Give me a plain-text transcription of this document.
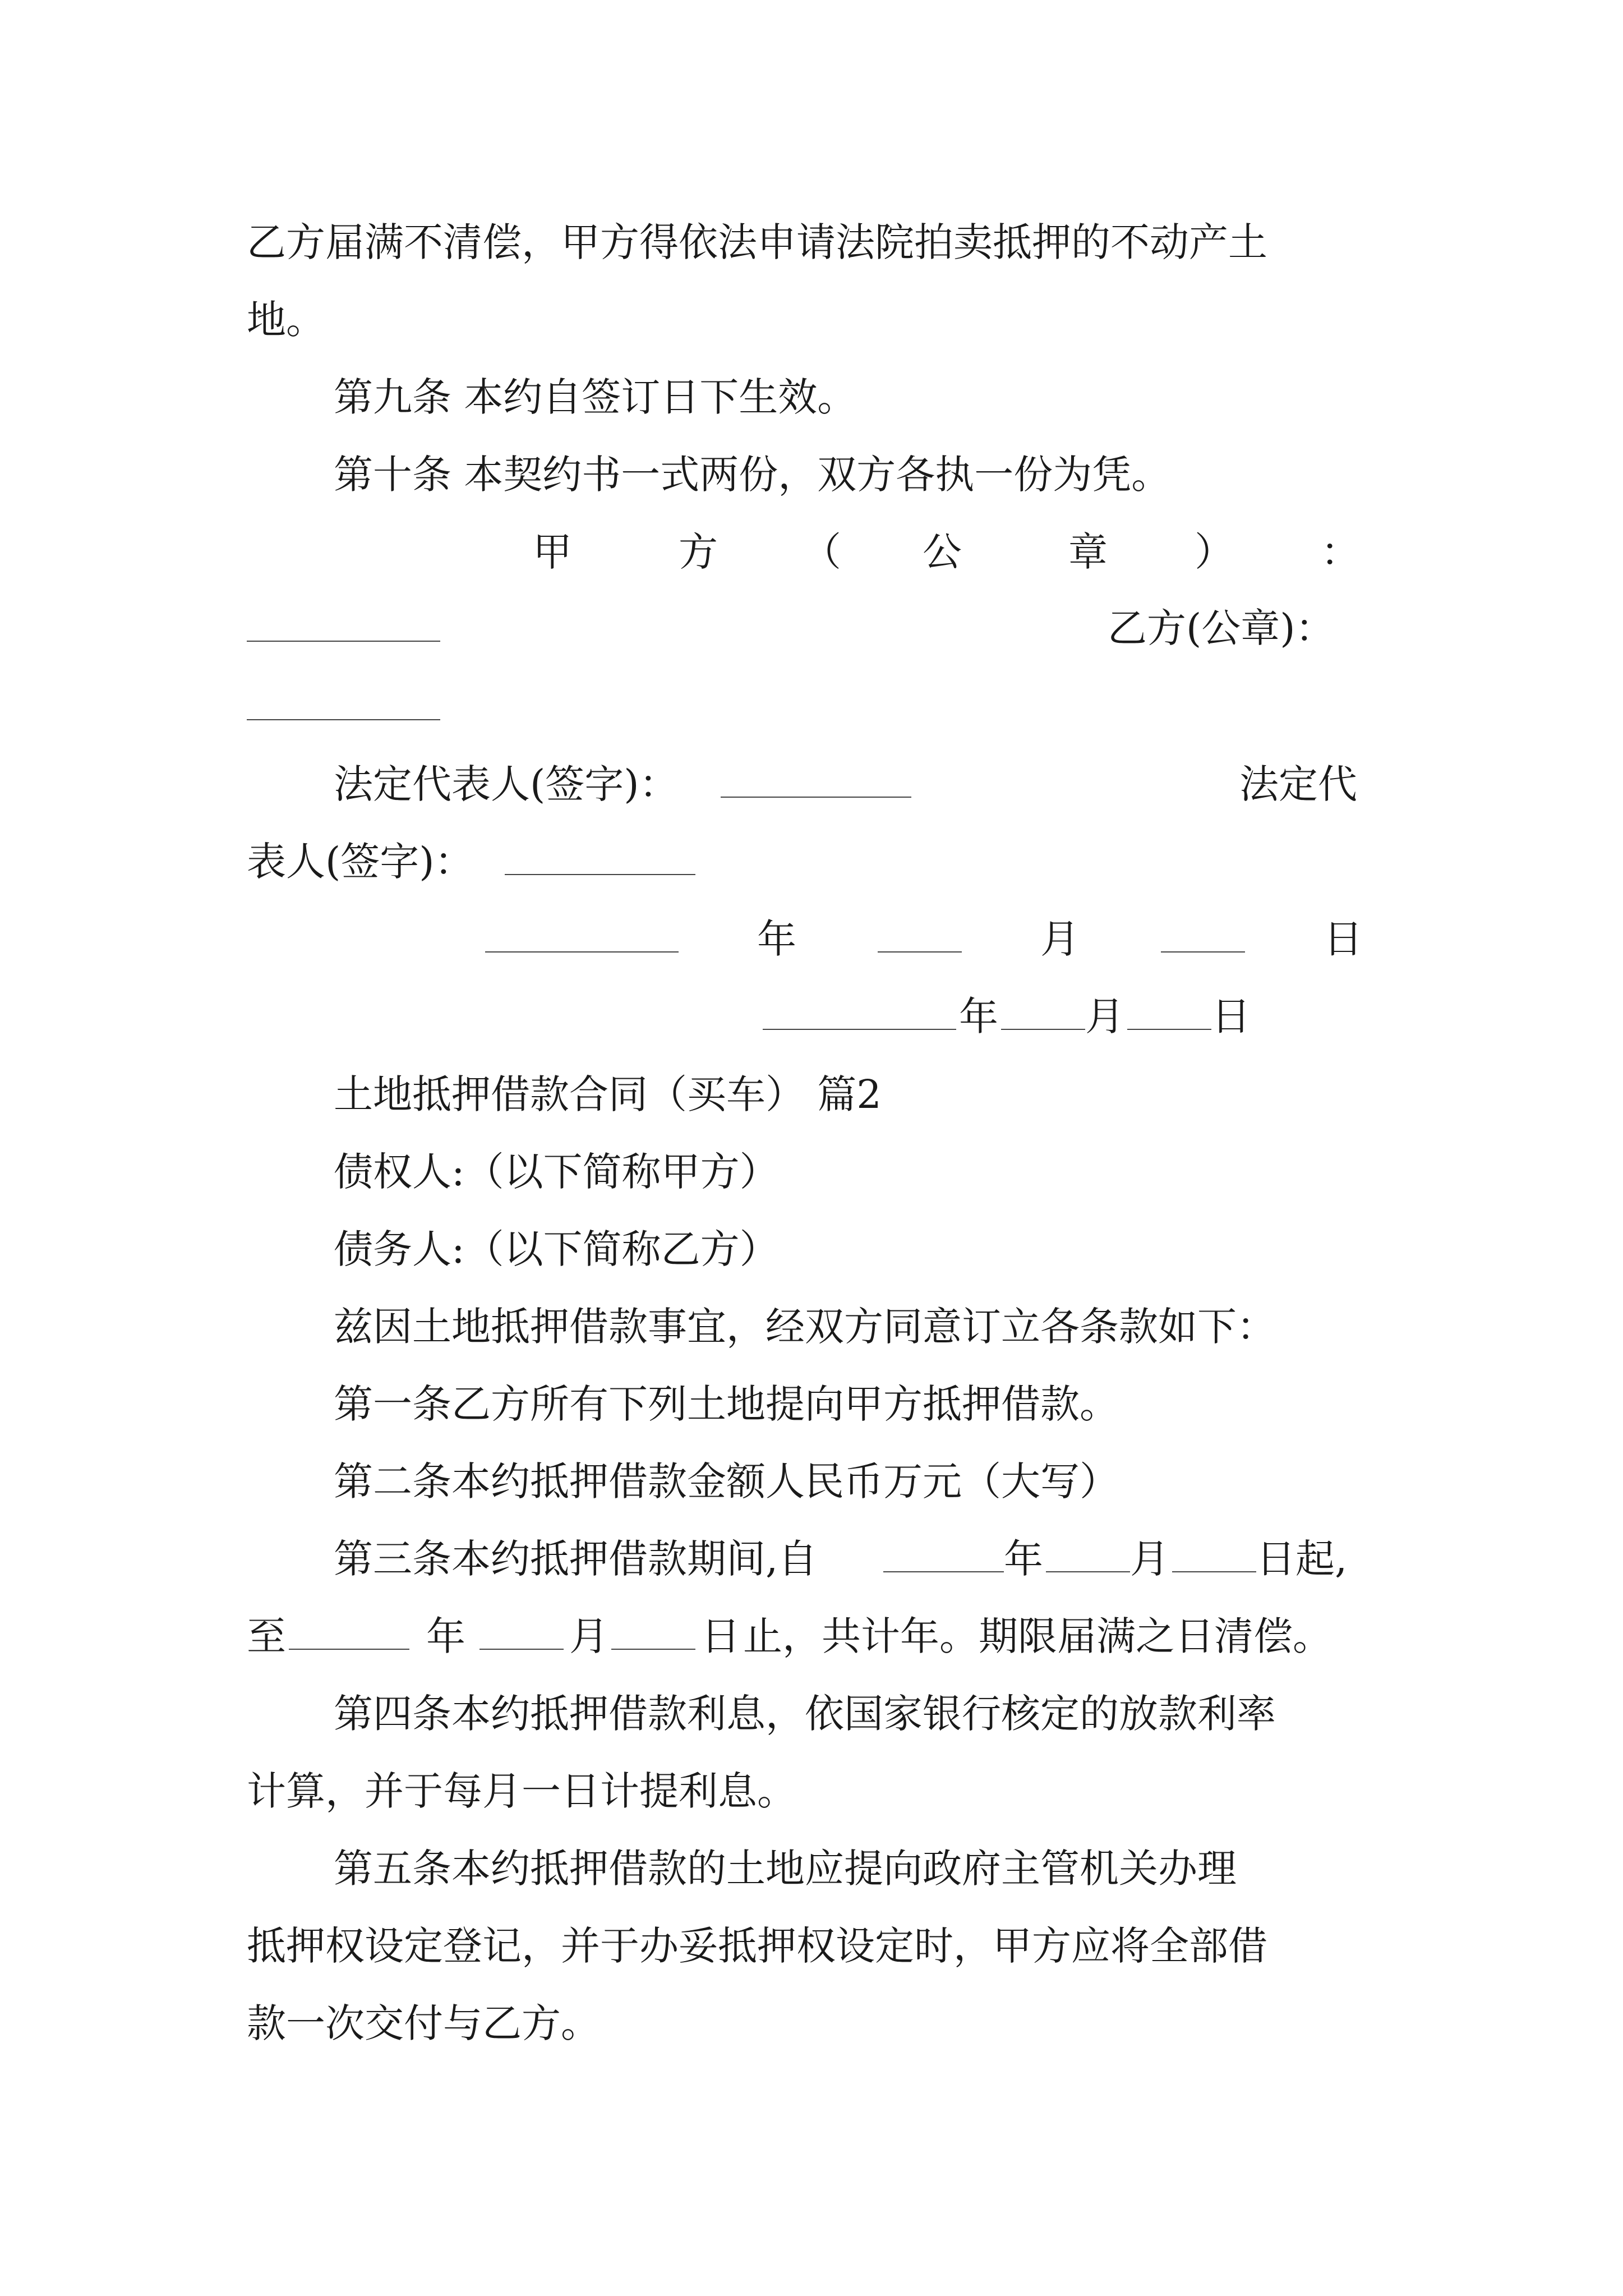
乙方届满不清偿，甲方得依法申请法院拍卖抵押的不动产土
地。
第九条 本约自签订日下生效。
第十条 本契约书一式两份，双方各执一份为凭。
甲	方 （ 公	章 ） ：
乙方(公章)：
法定代表人(签字)：	法定代
表人(签字)：
年	月	日
年 月 日
土地抵押借款合同（买车） 篇2
债权人:（以下简称甲方）
债务人:（以下简称乙方）
兹因土地抵押借款事宜，经双方同意订立各条款如下：
第一条乙方所有下列土地提向甲方抵押借款。
第二条本约抵押借款金额人民币万元（大写）
第三条本约抵押借款期间,自	年 月 日 起,
至	年	月 日 止，共计年。期限届满之日清偿。
第四条本约抵押借款利息，依国家银行核定的放款利率
计算，并于每月一日计提利息。
第五条本约抵押借款的土地应提向政府主管机关办理
抵押权设定登记，并于办妥抵押权设定时，甲方应将全部借
款一次交付与乙方。
